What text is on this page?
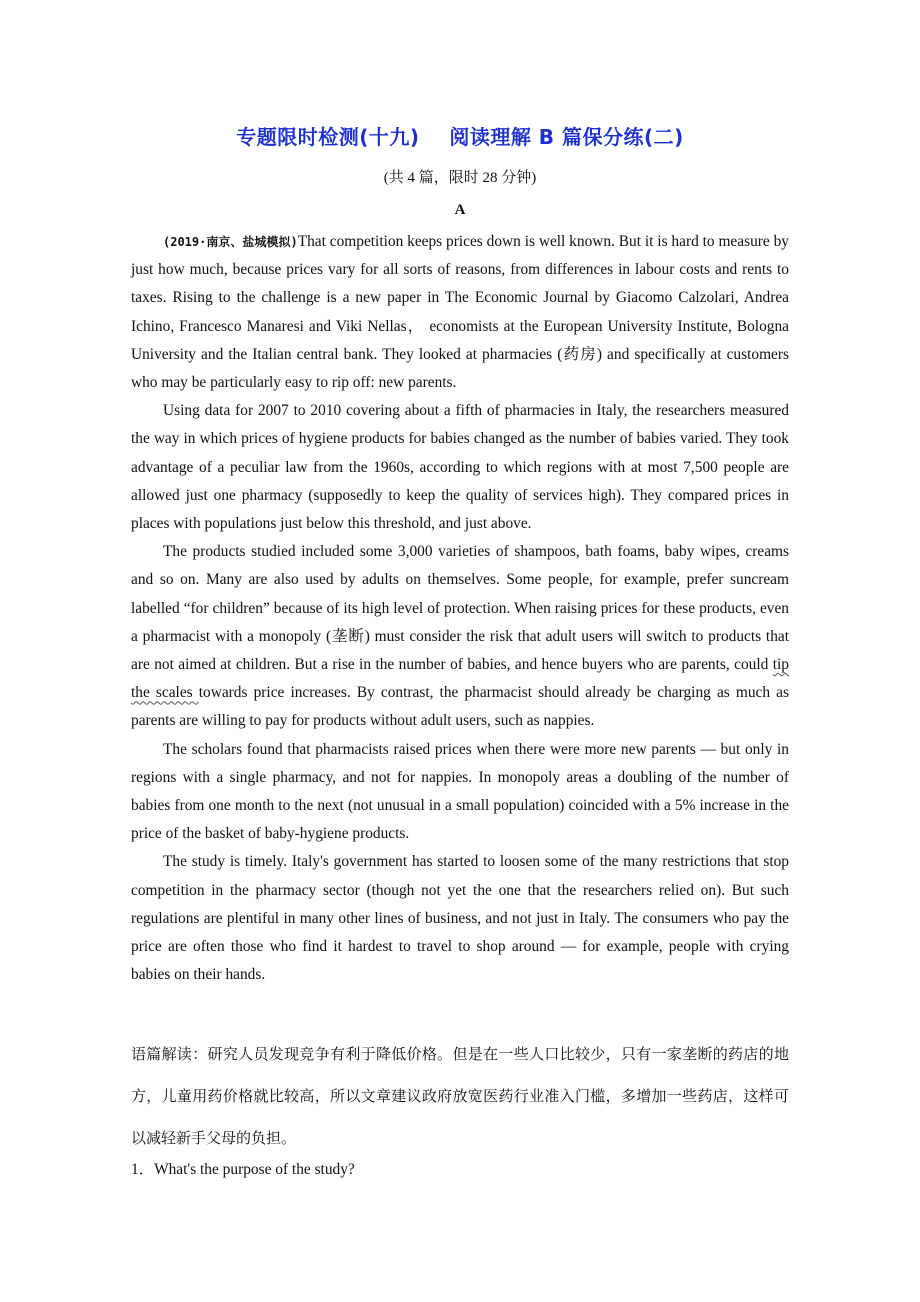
专题限时检测(十九)    阅读理解 B 篇保分练(二)
(共 4 篇，限时 28 分钟)
A

(2019·南京、盐城模拟)That competition keeps prices down is well known. But it is hard to measure by just how much, because prices vary for all sorts of reasons, from differences in labour costs and rents to taxes. Rising to the challenge is a new paper in The Economic Journal by Giacomo Calzolari, Andrea Ichino, Francesco Manaresi and Viki Nellas， economists at the European University Institute, Bologna University and the Italian central bank. They looked at pharmacies (药房) and specifically at customers who may be particularly easy to rip off: new parents.

Using data for 2007 to 2010 covering about a fifth of pharmacies in Italy, the researchers measured the way in which prices of hygiene products for babies changed as the number of babies varied. They took advantage of a peculiar law from the 1960s, according to which regions with at most 7,500 people are allowed just one pharmacy (supposedly to keep the quality of services high). They compared prices in places with populations just below this threshold, and just above.

The products studied included some 3,000 varieties of shampoos, bath foams, baby wipes, creams and so on. Many are also used by adults on themselves. Some people, for example, prefer suncream labelled “for children” because of its high level of protection. When raising prices for these products, even a pharmacist with a monopoly (垄断) must consider the risk that adult users will switch to products that are not aimed at children. But a rise in the number of babies, and hence buyers who are parents, could tip the scales towards price increases. By contrast, the pharmacist should already be charging as much as parents are willing to pay for products without adult users, such as nappies.

The scholars found that pharmacists raised prices when there were more new parents — but only in regions with a single pharmacy, and not for nappies. In monopoly areas a doubling of the number of babies from one month to the next (not unusual in a small population) coincided with a 5% increase in the price of the basket of baby-hygiene products.

The study is timely. Italy's government has started to loosen some of the many restrictions that stop competition in the pharmacy sector (though not yet the one that the researchers relied on). But such regulations are plentiful in many other lines of business, and not just in Italy. The consumers who pay the price are often those who find it hardest to travel to shop around — for example, people with crying babies on their hands.

语篇解读：研究人员发现竞争有利于降低价格。但是在一些人口比较少，只有一家垄断的药店的地方，儿童用药价格就比较高，所以文章建议政府放宽医药行业准入门槛，多增加一些药店，这样可以减轻新手父母的负担。

1．What's the purpose of the study?
